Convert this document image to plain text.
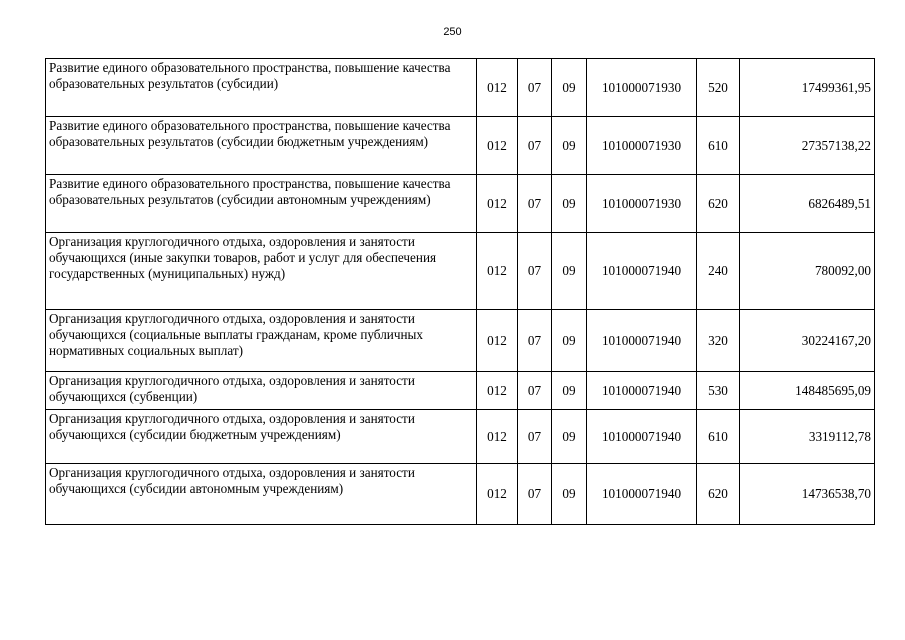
250
Развитие единого образовательного пространства, повышение качества образовательных результатов (субсидии)	012	07	09	101000071930	520	17499361,95
Развитие единого образовательного пространства, повышение качества образовательных результатов (субсидии бюджетным учреждениям)	012	07	09	101000071930	610	27357138,22
Развитие единого образовательного пространства, повышение качества образовательных результатов (субсидии автономным учреждениям)	012	07	09	101000071930	620	6826489,51
Организация круглогодичного отдыха, оздоровления и занятости обучающихся (иные закупки товаров, работ и услуг для обеспечения государственных (муниципальных) нужд)	012	07	09	101000071940	240	780092,00
Организация круглогодичного отдыха, оздоровления и занятости обучающихся (социальные выплаты гражданам, кроме публичных нормативных социальных выплат)	012	07	09	101000071940	320	30224167,20
Организация круглогодичного отдыха, оздоровления и занятости обучающихся (субвенции)	012	07	09	101000071940	530	148485695,09
Организация круглогодичного отдыха, оздоровления и занятости обучающихся (субсидии бюджетным учреждениям)	012	07	09	101000071940	610	3319112,78
Организация круглогодичного отдыха, оздоровления и занятости обучающихся (субсидии автономным учреждениям)	012	07	09	101000071940	620	14736538,70
